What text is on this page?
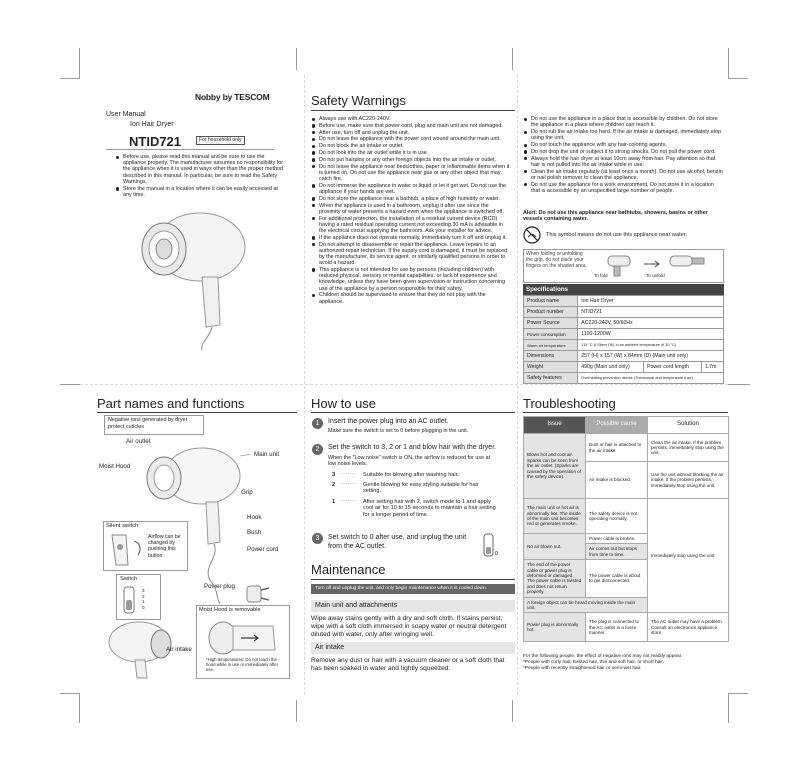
Nobby by TESCOM
User Manual
Ion Hair Dryer
NTID721	For household only
Before use, please read this manual and be sure to use the appliance properly. The manufacturer assumes no responsibility for the appliance when it is used in ways other than the proper method described in this manual. In particular, be sure to read the Safety Warnings.
Store the manual in a location where it can be easily accessed at any time.
Safety Warnings
Always use with AC220-240V.
Before use, make sure that power cord, plug and main unit are not damaged.
After use, turn off and unplug the unit.
Do not leave the appliance with the power cord wound around the main unit.
Do not block the air intake or outlet.
Do not look into the air outlet while it is in use.
Do not put hairpins or any other foreign objects into the air intake or outlet.
Do not leave the appliance near bedclothes, paper or inflammable items when it is turned on. Do not use the appliance near gas or any other object that may catch fire.
Do not immerse the appliance in water or liquid or let it get wet. Do not use the appliance if your hands are wet.
Do not store the appliance near a bathtub, a place of high humidity or water.
When the appliance is used in a bathroom, unplug it after use since the proximity of water presents a hazard even when the appliance is switched off.
For additional protection, the installation of a residual current device (RCD) having a rated residual operating current not exceeding 30 mA is advisable in the electrical circuit supplying the bathroom. Ask your installer for advice.
If the appliance does not operate normally, immediately turn it off and unplug it.
Do not attempt to disassemble or repair the appliance. Leave repairs to an authorized repair technician. If the supply cord is damaged, it must be replaced by the manufacturer, its service agent, or similarly qualified persons in order to avoid a hazard.
This appliance is not intended for use by persons (including children) with reduced physical, sensory or mental capabilities, or lack of experience and knowledge, unless they have been given supervision or instruction concerning use of the appliance by a person responsible for their safety.
Children should be supervised to ensure that they do not play with the appliance.
Do not use the appliance in a place that is accessible by children. Do not store the appliance in a place where children can reach it.
Do not rub the air intake too hard. If the air intake is damaged, immediately stop using the unit.
Do not touch the appliance with any hair-coloring agents.
Do not drop the unit or subject it to strong shocks. Do not pull the power cord.
Always hold the hair dryer at least 10cm away from hair. Pay attention so that hair is not pulled into the air intake while in use.
Clean the air intake regularly (at least once a month). Do not use alcohol, benzin or nail polish remover to clean the appliance.
Do not use the appliance for a work environment. Do not store it in a location that is accessible by an unspecified large number of people.
Alert: Do not use this appliance near bathtubs, showers, basins or other vessels containing water.
This symbol means do not use this appliance near water.
When folding or unfolding the grip, do not place your fingers on the shaded area.
To fold	To unfold
Specifications
Product name	Ion Hair Dryer		
Product number	NTID721		
Power Source	AC220-240V, 50/60Hz		
Power consumption	1100-1200W		
Warm air temperature	115 °C (I-Silent ON, in an ambient temperature of 30 °C)		
Dimensions	257 (H) x 157 (W) x 84mm (D) (Main unit only)		
Weight	490g (Main unit only)	Power cord length	1.7m
Safety features	Overheating prevention device (Thermostat and temperature fuse)		
Part names and functions
Negative ions generated by dryer protect cuticles
Air outlet
Moist Hood
Main unit
Grip
Hook
Bush
Power cord
Power plug
Silent switch
Airflow can be changed by pushing this button
Switch
3
2
1
0	Moist Hood is removable
*High temperatures: Do not touch the hood while in use or immediately after use.
Air intake
How to use
1	Insert the power plug into an AC outlet.
Make sure the switch is set to 0 before plugging in the unit.
2	Set the switch to 3, 2 or 1 and blow hair with the dryer.
When the "Low noise" switch is ON, the airflow is reduced for use at low noise levels.
3 ········· Suitable for blowing after washing hair.
2 ········· Gentle blowing for easy styling suitable for hair setting.
1 ········· After setting hair with 2, switch mode to 1 and apply cool air for 10 to 15 seconds to maintain a hair setting for a longer period of time.
3	Set switch to 0 after use, and unplug the unit from the AC outlet.
0
Maintenance
Turn off and unplug the unit, and only begin maintenance when it is cooled down.
Main unit and attachments
Wipe away stains gently with a dry and soft cloth. If stains persist, wipe with a soft cloth immersed in soapy water or neutral detergent diluted with water, only after wringing well.
Air intake
Remove any dust or hair with a vacuum cleaner or a soft cloth that has been soaked in water and tightly squeezed.
Troubleshooting
Issue	Possible cause	Solution
Blows hot and cool air. Sparks can be seen from the air outlet. (Sparks are caused by the operation of the safety device).	Dust or hair is attached to the air intake.	Clean the air intake. If the problem persists, immediately stop using the unit.
	Air intake is blocked.	Use the unit without blocking the air intake. If the problem persists, immediately stop using the unit.
The main unit or hot air is abnormally hot. The inside of the main unit becomes red or generates smoke.	The safety device is not operating normally.	Immediately stop using the unit.
No air blown out.	Power cable is broken.	
	Air comes out but stops from time to time.	
The end of the power cable or power plug is deformed or damaged. The power cable is twisted and does not return properly.	The power cable is about to get disconnected.	
A foreign object can be heard moving inside the main unit.		
Power plug is abnormally hot.	The plug is connected to the AC outlet in a loose manner.	The AC outlet may have a problem. Consult an electronics appliance store.
For the following people, the effect of negative ions may not readily appear.
*People with curly hair, twisted hair, thin and soft hair, or short hair.
*People with recently straightened hair or semi-wet hair.
